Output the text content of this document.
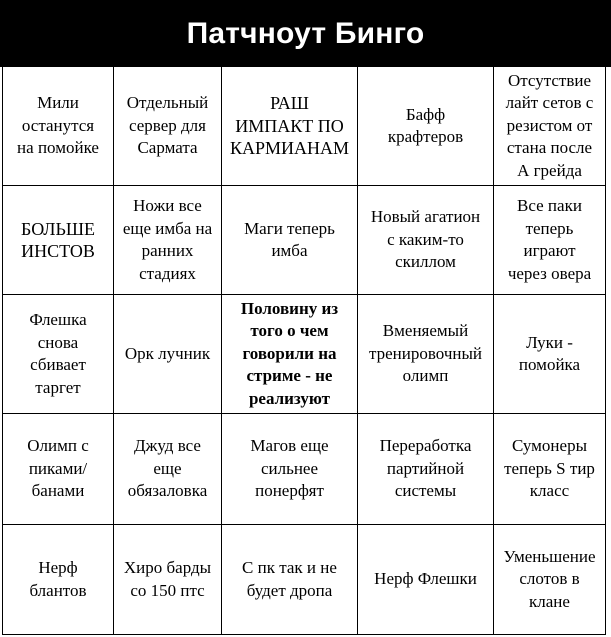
Патчноут Бинго
Мили
останутся
на помойке
Отдельный
сервер для
Сармата
РАШ
ИМПАКТ ПО
КАРМИАНАМ
Бафф
крафтеров
Отсутствие
лайт сетов с
резистом от
стана после
А грейда
БОЛЬШЕ
ИНСТОВ
Ножи все
еще имба на
ранних
стадиях
Маги теперь
имба
Новый агатион
с каким-то
скиллом
Все паки
теперь
играют
через овера
Флешка
снова
сбивает
таргет
Орк лучник
Половину из
того о чем
говорили на
стриме - не
реализуют
Вменяемый
тренировочный
олимп
Луки -
помойка
Олимп с
пиками/
банами
Джуд все
еще
обязаловка
Магов еще
сильнее
понерфят
Переработка
партийной
системы
Сумонеры
теперь S тир
класс
Нерф
блантов
Хиро барды
со 150 птс
С пк так и не
будет дропа
Нерф Флешки
Уменьшение
слотов в
клане
